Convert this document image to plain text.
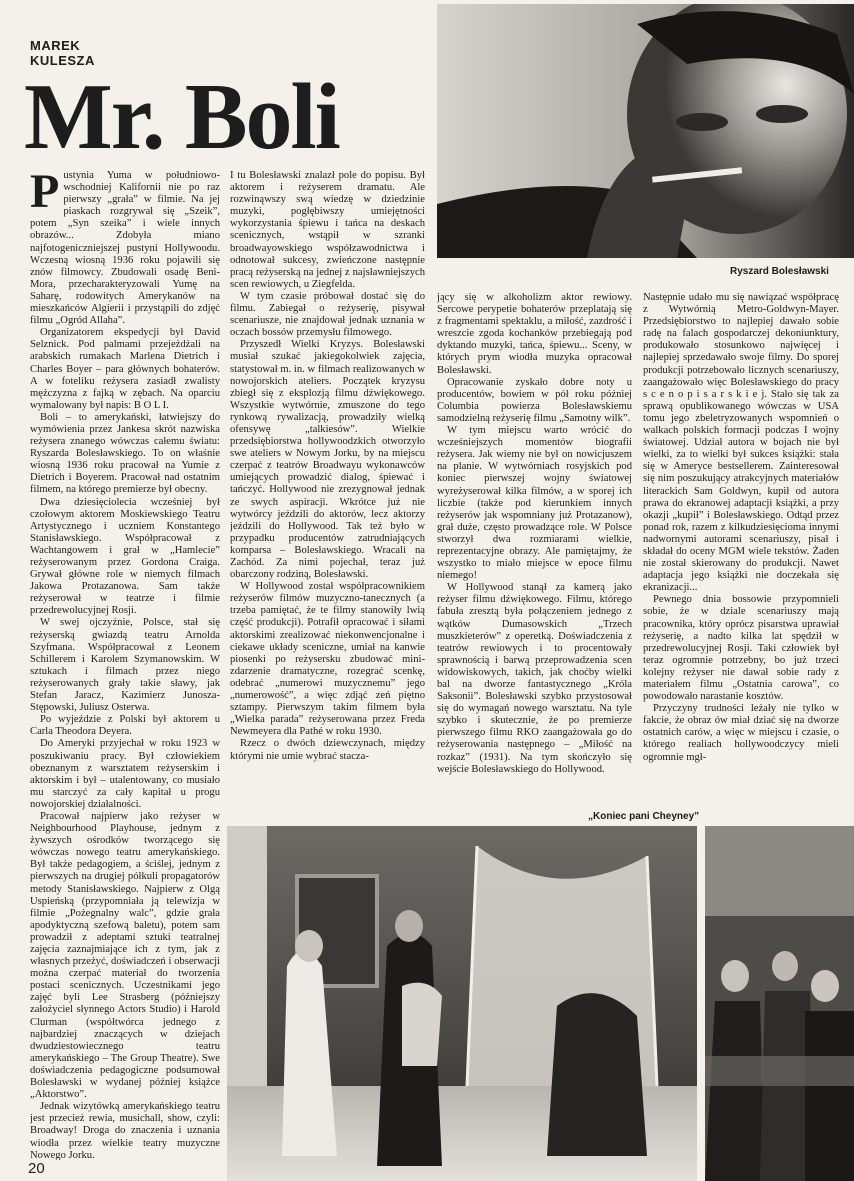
MAREK
KULESZA
Mr. Boli
Ryszard Bolesławski

Pustynia Yuma w południowo-wschodniej Kalifornii nie po raz pierwszy „grała” w filmie. Na jej piaskach rozgrywał się „Szeik”, potem „Syn szeika” i wiele innych obrazów... Zdobyła miano najfotogeniczniejszej pustyni Hollywoodu. Wczesną wiosną 1936 roku pojawili się znów filmowcy. Zbudowali osadę Beni-Mora, przecharakteryzowali Yumę na Saharę, rodowitych Amerykanów na mieszkańców Algierii i przystąpili do zdjęć filmu „Ogród Allaha”.

Organizatorem ekspedycji był David Selznick. Pod palmami przejeżdżali na arabskich rumakach Marlena Dietrich i Charles Boyer – para głównych bohaterów. A w foteliku reżysera zasiadł zwalisty mężczyzna z fajką w zębach. Na oparciu wymalowany był napis: B O L I.

Boli – to amerykański, łatwiejszy do wymówienia przez Jankesa skrót nazwiska reżysera znanego wówczas całemu światu: Ryszarda Bolesławskiego. To on właśnie wiosną 1936 roku pracował na Yumie z Dietrich i Boyerem. Pracował nad ostatnim filmem, na którego premierze był obecny.

Dwa dziesięciolecia wcześniej był czołowym aktorem Moskiewskiego Teatru Artystycznego i uczniem Konstantego Stanisławskiego. Współpracował z Wachtangowem i grał w „Hamlecie” reżyserowanym przez Gordona Craiga. Grywał główne role w niemych filmach Jakowa Protazanowa. Sam także reżyserował w teatrze i filmie przedrewolucyjnej Rosji.

W swej ojczyźnie, Polsce, stał się reżyserską gwiazdą teatru Arnolda Szyfmana. Współpracował z Leonem Schillerem i Karolem Szymanowskim. W sztukach i filmach przez niego reżyserowanych grały takie sławy, jak Stefan Jaracz, Kazimierz Junosza-Stępowski, Juliusz Osterwa.

Po wyjeździe z Polski był aktorem u Carla Theodora Deyera.

Do Ameryki przyjechał w roku 1923 w poszukiwaniu pracy. Był człowiekiem obeznanym z warsztatem reżyserskim i aktorskim i był – utalentowany, co musiało mu starczyć za cały kapitał u progu nowojorskiej działalności.

Pracował najpierw jako reżyser w Neighbourhood Playhouse, jednym z żywszych ośrodków tworzącego się wówczas nowego teatru amerykańskiego. Był także pedagogiem, a ściślej, jednym z pierwszych na drugiej półkuli propagatorów metody Stanisławskiego. Najpierw z Olgą Uspieńską (przypomniała ją telewizja w filmie „Pożegnalny walc”, gdzie grała apodyktyczną szefową baletu), potem sam prowadził z adeptami sztuki teatralnej zajęcia zaznajmiające ich z tym, jak z własnych przeżyć, doświadczeń i obserwacji można czerpać materiał do tworzenia postaci scenicznych. Uczestnikami jego zajęć byli Lee Strasberg (późniejszy założyciel słynnego Actors Studio) i Harold Clurman (współtwórca jednego z najbardziej znaczących w dziejach dwudziestowiecznego teatru amerykańskiego – The Group Theatre). Swe doświadczenia pedagogiczne podsumował Bolesławski w wydanej później książce „Aktorstwo”.

Jednak wizytówką amerykańskiego teatru jest przecież rewia, musichall, show, czyli: Broadway! Droga do znaczenia i uznania wiodła przez wielkie teatry muzyczne Nowego Jorku.

I tu Bolesławski znalazł pole do popisu. Był aktorem i reżyserem dramatu. Ale rozwinąwszy swą wiedzę w dziedzinie muzyki, pogłębiwszy umiejętności wykorzystania śpiewu i tańca na deskach scenicznych, wstąpił w szranki broadwayowskiego współzawodnictwa i odnotował sukcesy, zwieńczone następnie pracą reżyserską na jednej z najsławniejszych scen rewiowych, u Ziegfelda.

W tym czasie próbował dostać się do filmu. Zabiegał o reżyserię, pisywał scenariusze, nie znajdował jednak uznania w oczach bossów przemysłu filmowego.

Przyszedł Wielki Kryzys. Bolesławski musiał szukać jakiegokolwiek zajęcia, statystował m. in. w filmach realizowanych w nowojorskich ateliers. Początek kryzysu zbiegł się z eksplozją filmu dźwiękowego. Wszystkie wytwórnie, zmuszone do tego rynkową rywalizacją, prowadziły wielką ofensywę „talkiesów”. Wielkie przedsiębiorstwa hollywoodzkich otworzyło swe ateliers w Nowym Jorku, by na miejscu czerpać z teatrów Broadwayu wykonawców umiejących prowadzić dialog, śpiewać i tańczyć. Hollywood nie zrezygnował jednak ze swych aspiracji. Wkrótce już nie wytwórcy jeździli do aktorów, lecz aktorzy jeździli do Hollywood. Tak też było w przypadku producentów zatrudniających komparsa – Bolesławskiego. Wracali na Zachód. Za nimi pojechał, teraz już obarczony rodziną, Bolesławski.

W Hollywood został współpracownikiem reżyserów filmów muzyczno-tanecznych (a trzeba pamiętać, że te filmy stanowiły lwią część produkcji). Potrafił opracować i siłami aktorskimi zrealizować niekonwencjonalne i ciekawe układy sceniczne, umiał na kanwie piosenki po reżysersku zbudować mini-zdarzenie dramatyczne, rozegrać scenkę, odebrać „numerowi muzycznemu” jego „numerowość”, a więc zdjąć zeń piętno sztampy. Pierwszym takim filmem była „Wielka parada” reżyserowana przez Freda Newmeyera dla Pathé w roku 1930.

Rzecz o dwóch dziewczynach, między którymi nie umie wybrać stacza-

jący się w alkoholizm aktor rewiowy. Sercowe perypetie bohaterów przeplatają się z fragmentami spektaklu, a miłość, zazdrość i wreszcie zgoda kochanków przebiegają pod dyktando muzyki, tańca, śpiewu... Sceny, w których prym wiodła muzyka opracował Bolesławski.

Opracowanie zyskało dobre noty u producentów, bowiem w pół roku później Columbia powierza Bolesławskiemu samodzielną reżyserię filmu „Samotny wilk”.

W tym miejscu warto wrócić do wcześniejszych momentów biografii reżysera. Jak wiemy nie był on nowicjuszem na planie. W wytwórniach rosyjskich pod koniec pierwszej wojny światowej wyreżyserował kilka filmów, a w sporej ich liczbie (także pod kierunkiem innych reżyserów jak wspomniany już Protazanow), grał duże, często prowadzące role. W Polsce stworzył dwa rozmiarami wielkie, reprezentacyjne obrazy. Ale pamiętajmy, że wszystko to miało miejsce w epoce filmu niemego!

W Hollywood stanął za kamerą jako reżyser filmu dźwiękowego. Filmu, którego fabuła zresztą była połączeniem jednego z wątków Dumasowskich „Trzech muszkieterów” z operetką. Doświadczenia z teatrów rewiowych i to procentowały sprawnością i barwą przeprowadzenia scen widowiskowych, takich, jak choćby wielki bal na dworze fantastycznego „Króla Saksonii”. Bolesławski szybko przystosował się do wymagań nowego warsztatu. Na tyle szybko i skutecznie, że po premierze pierwszego filmu RKO zaangażowała go do reżyserowania następnego – „Miłość na rozkaz” (1931). Na tym skończyło się wejście Bolesławskiego do Hollywood.

Następnie udało mu się nawiązać współpracę z Wytwórnią Metro-Goldwyn-Mayer. Przedsiębiorstwo to najlepiej dawało sobie radę na falach gospodarczej dekoniunktury, produkowało stosunkowo najwięcej i najlepiej sprzedawało swoje filmy. Do sporej produkcji potrzebowało licznych scenariuszy, zaangażowało więc Bolesławskiego do pracy s c e n o p i s a r s k i e j. Stało się tak za sprawą opublikowanego wówczas w USA tomu jego zbeletryzowanych wspomnień o walkach polskich formacji podczas I wojny światowej. Udział autora w bojach nie był wielki, za to wielki był sukces książki: stała się w Ameryce bestsellerem. Zainteresował się nim poszukujący atrakcyjnych materiałów literackich Sam Goldwyn, kupił od autora prawa do ekranowej adaptacji książki, a przy okazji „kupił” i Bolesławskiego. Odtąd przez ponad rok, razem z kilkudziesięcioma innymi nadwornymi autorami scenariuszy, pisał i składał do oceny MGM wiele tekstów. Żaden nie został skierowany do produkcji. Nawet adaptacja jego książki nie doczekała się ekranizacji...

Pewnego dnia bossowie przypomnieli sobie, że w dziale scenariuszy mają pracownika, który oprócz pisarstwa uprawiał reżyserię, a nadto kilka lat spędził w przedrewolucyjnej Rosji. Taki człowiek był teraz ogromnie potrzebny, bo już trzeci kolejny reżyser nie dawał sobie rady z materiałem filmu „Ostatnia carowa”, co powodowało narastanie kosztów.

Przyczyny trudności leżały nie tylko w fakcie, że obraz ów miał dziać się na dworze ostatnich carów, a więc w miejscu i czasie, o którego realiach hollywoodczycy mieli ogromnie mgł-

„Koniec pani Cheyney”
20
